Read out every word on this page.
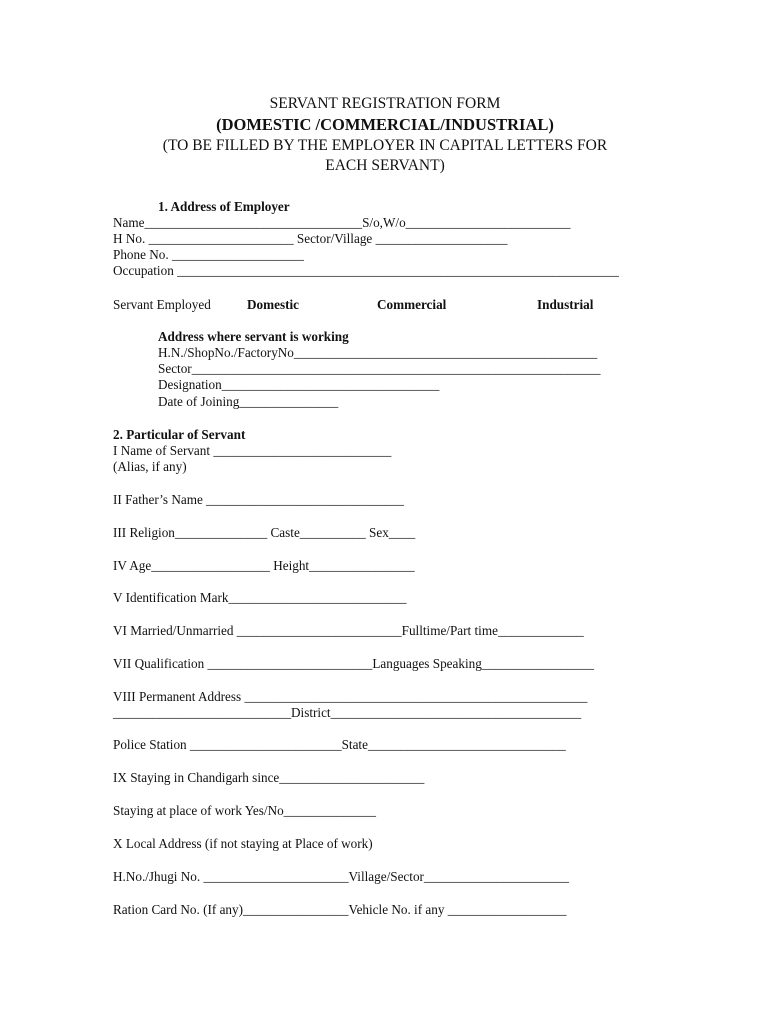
SERVANT REGISTRATION FORM
(DOMESTIC /COMMERCIAL/INDUSTRIAL)
(TO BE FILLED BY THE EMPLOYER IN CAPITAL LETTERS FOR
EACH SERVANT)
1. Address of Employer
Name_________________________________S/o,W/o_________________________
H No. ______________________ Sector/Village ____________________
Phone No. ____________________
Occupation ___________________________________________________________________
Servant Employed	Domestic	Commercial	Industrial
Address where servant is working
H.N./ShopNo./FactoryNo______________________________________________
Sector______________________________________________________________
Designation_________________________________
Date of Joining_______________
2. Particular of Servant
I Name of Servant ___________________________
(Alias, if any)
II Father’s Name ______________________________
III Religion______________ Caste__________ Sex____
IV Age__________________ Height________________
V Identification Mark___________________________
VI Married/Unmarried _________________________Fulltime/Part time_____________
VII Qualification _________________________Languages Speaking_________________
VIII Permanent Address ____________________________________________________
___________________________District______________________________________
Police Station _______________________State______________________________
IX Staying in Chandigarh since______________________
Staying at place of work Yes/No______________
X Local Address (if not staying at Place of work)
H.No./Jhugi No. ______________________Village/Sector______________________
Ration Card No. (If any)________________Vehicle No. if any __________________
